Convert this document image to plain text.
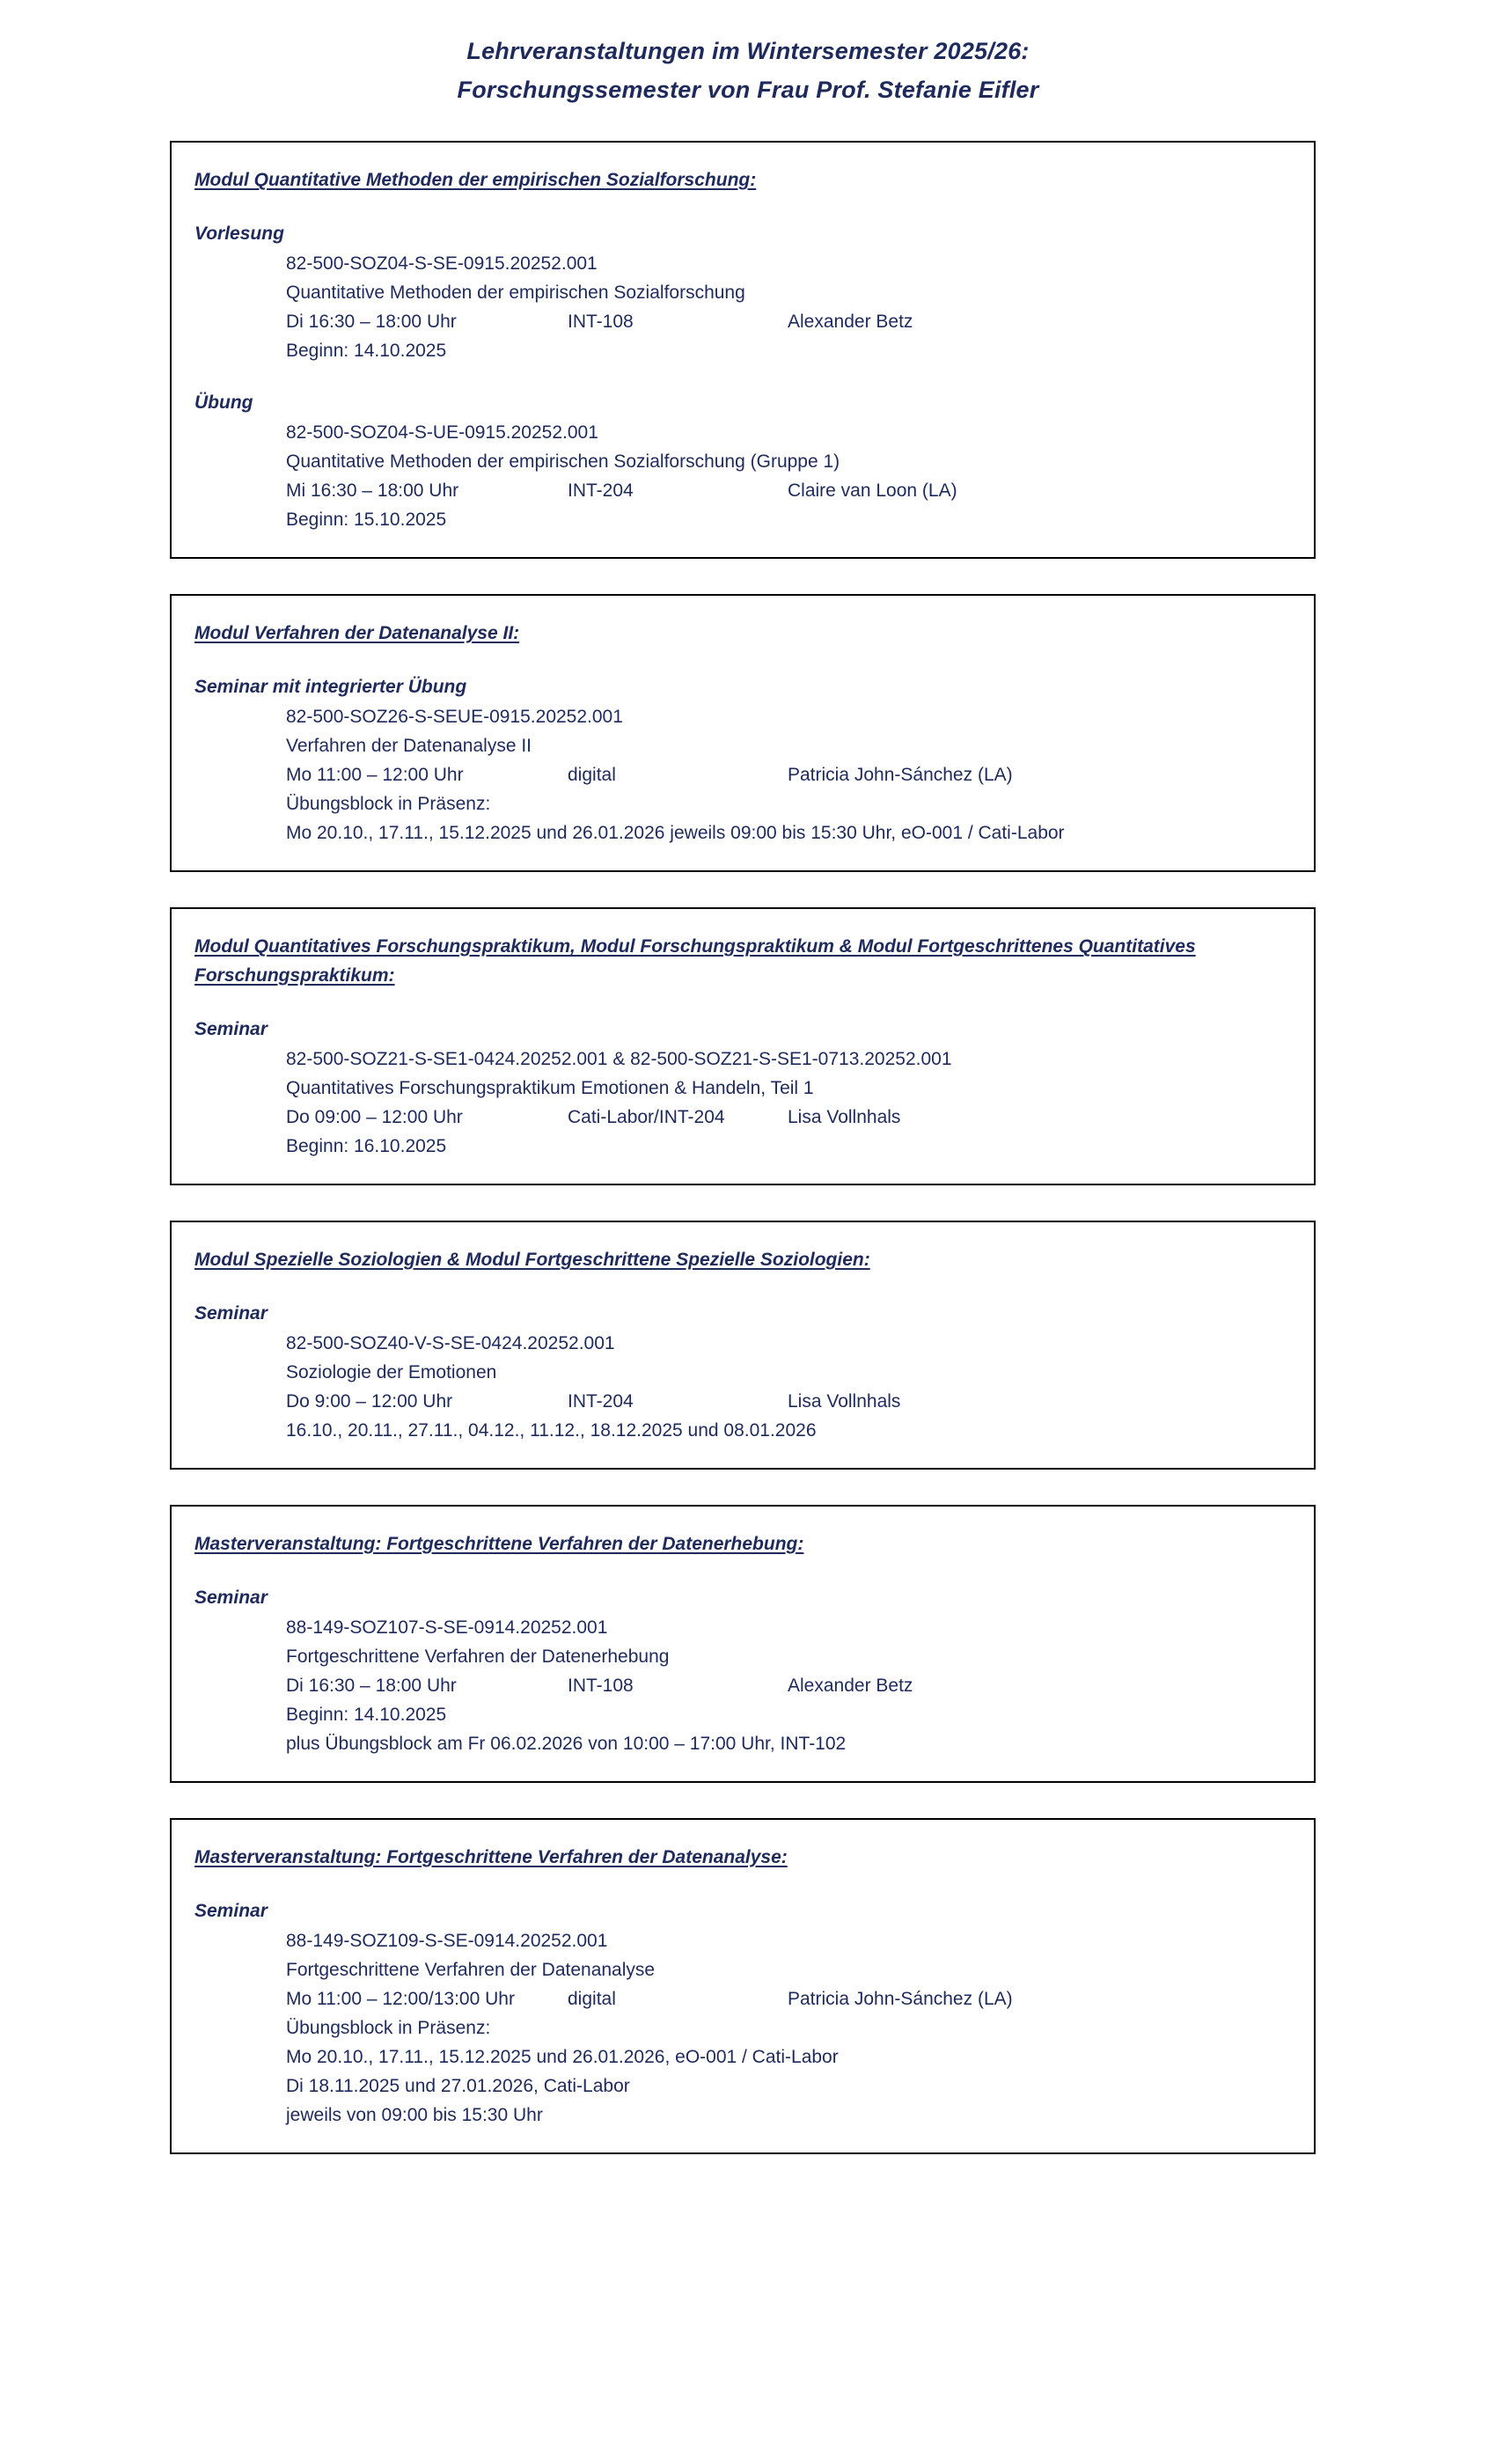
Lehrveranstaltungen im Wintersemester 2025/26:
Forschungssemester von Frau Prof. Stefanie Eifler
Modul Quantitative Methoden der empirischen Sozialforschung:
Vorlesung
82-500-SOZ04-S-SE-0915.20252.001
Quantitative Methoden der empirischen Sozialforschung
Di 16:30 – 18:00 Uhr	INT-108	Alexander Betz
Beginn: 14.10.2025
Übung
82-500-SOZ04-S-UE-0915.20252.001
Quantitative Methoden der empirischen Sozialforschung (Gruppe 1)
Mi 16:30 – 18:00 Uhr	INT-204	Claire van Loon (LA)
Beginn: 15.10.2025
Modul Verfahren der Datenanalyse II:
Seminar mit integrierter Übung
82-500-SOZ26-S-SEUE-0915.20252.001
Verfahren der Datenanalyse II
Mo 11:00 – 12:00 Uhr	digital	Patricia John-Sánchez (LA)
Übungsblock in Präsenz:
Mo 20.10., 17.11., 15.12.2025 und 26.01.2026 jeweils 09:00 bis 15:30 Uhr, eO-001 / Cati-Labor
Modul Quantitatives Forschungspraktikum, Modul Forschungspraktikum & Modul Fortgeschrittenes Quantitatives Forschungspraktikum:
Seminar
82-500-SOZ21-S-SE1-0424.20252.001 & 82-500-SOZ21-S-SE1-0713.20252.001
Quantitatives Forschungspraktikum Emotionen & Handeln, Teil 1
Do 09:00 – 12:00 Uhr	Cati-Labor/INT-204	Lisa Vollnhals
Beginn: 16.10.2025
Modul Spezielle Soziologien & Modul Fortgeschrittene Spezielle Soziologien:
Seminar
82-500-SOZ40-V-S-SE-0424.20252.001
Soziologie der Emotionen
Do 9:00 – 12:00 Uhr	INT-204	Lisa Vollnhals
16.10., 20.11., 27.11., 04.12., 11.12., 18.12.2025 und 08.01.2026
Masterveranstaltung: Fortgeschrittene Verfahren der Datenerhebung:
Seminar
88-149-SOZ107-S-SE-0914.20252.001
Fortgeschrittene Verfahren der Datenerhebung
Di 16:30 – 18:00 Uhr	INT-108	Alexander Betz
Beginn: 14.10.2025
plus Übungsblock am Fr 06.02.2026 von 10:00 – 17:00 Uhr, INT-102
Masterveranstaltung: Fortgeschrittene Verfahren der Datenanalyse:
Seminar
88-149-SOZ109-S-SE-0914.20252.001
Fortgeschrittene Verfahren der Datenanalyse
Mo 11:00 – 12:00/13:00 Uhr	digital	Patricia John-Sánchez (LA)
Übungsblock in Präsenz:
Mo 20.10., 17.11., 15.12.2025 und 26.01.2026, eO-001 / Cati-Labor
Di 18.11.2025 und 27.01.2026, Cati-Labor
jeweils von 09:00 bis 15:30 Uhr
